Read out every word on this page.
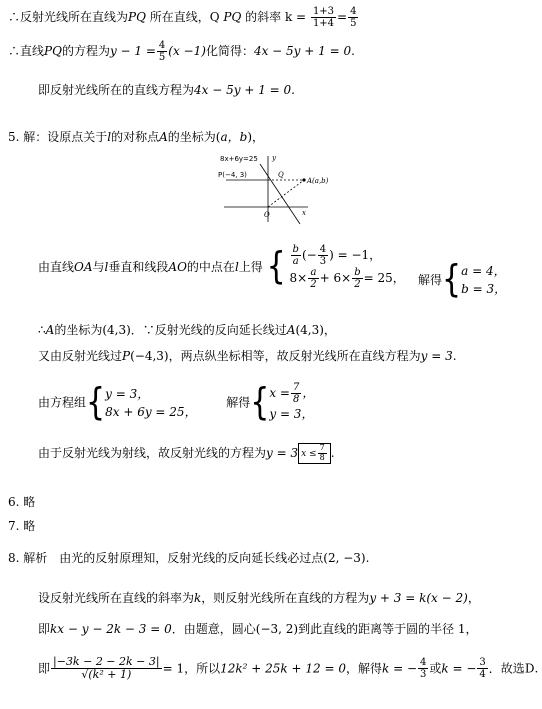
∴反射光线所在直线为PQ 所在直线，Q PQ 的斜率 $k = \frac{1+3}{1+4} = \frac{4}{5}$
∴直线PQ的方程为$y - 1 = \frac{4}{5} (x -1)$化简得：4x − 5y + 1 = 0.
即反射光线所在的直线方程为4x − 5y + 1 = 0.
5. 解：设原点关于l的对称点A的坐标为(a，b)，
8x+6y=25 y
P(−4, 3)	Q
A(a,b)
O	x
由直线OA与l垂直和线段AO的中点在l上得 { $\frac{b}{a}$ (− $\frac{4}{3}$ ) = −1，
$8\times \frac{a}{2} + 6\times \frac{b}{2} = 25$， 解得{ a = 4，
b = 3，
∴A的坐标为(4,3)．∵反射光线的反向延长线过A(4,3)，
又由反射光线过P(−4,3)，两点纵坐标相等，故反射光线所在直线方程为y = 3.
由方程组{ y = 3，
8x + 6y = 25，
解得{ $x = \frac{7}{8}$ ，
y = 3，
由于反射光线为射线，故反射光线的方程为y = 3 $x \le \frac{7}{8}$ .
6. 略
7. 略
8. 解析　由光的反射原理知，反射光线的反向延长线必过点(2, −3).
设反射光线所在直线的斜率为k，则反射光线所在直线的方程为y + 3 = k(x − 2)，
即kx − y − 2k − 3 = 0．由题意，圆心(−3, 2)到此直线的距离等于圆的半径 1，
即 $\frac{|-3k - 2 - 2k - 3|}{\text{√(k² + 1)}} = 1$，所以12k² + 25k + 12 = 0，解得k = − $\frac{4}{3}$ 或k = − $\frac{3}{4}$ ．故选D.
